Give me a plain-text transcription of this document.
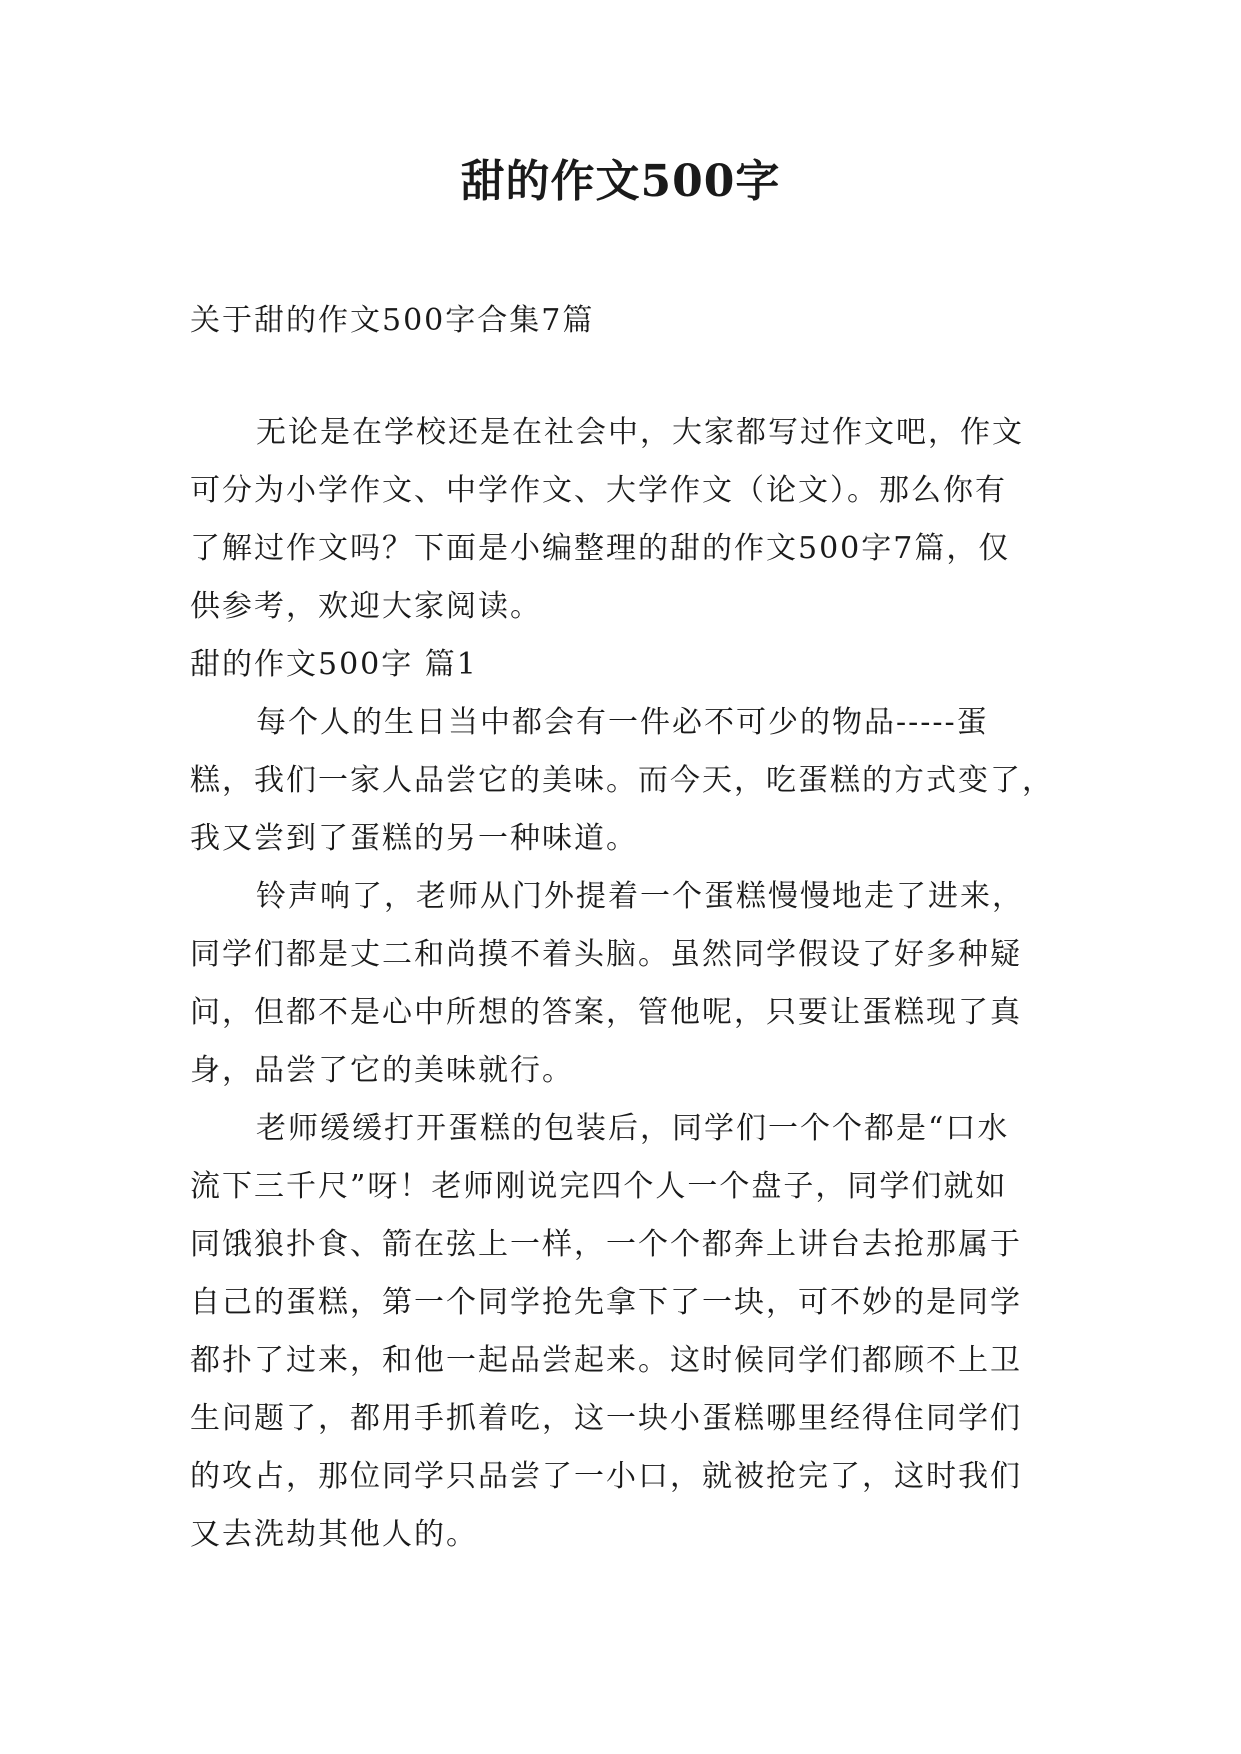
甜的作文500字
关于甜的作文500字合集7篇
无论是在学校还是在社会中，大家都写过作文吧，作文
可分为小学作文、中学作文、大学作文（论文）。那么你有
了解过作文吗？下面是小编整理的甜的作文500字7篇，仅
供参考，欢迎大家阅读。
甜的作文500字 篇1
每个人的生日当中都会有一件必不可少的物品-----蛋
糕，我们一家人品尝它的美味。而今天，吃蛋糕的方式变了，
我又尝到了蛋糕的另一种味道。
铃声响了，老师从门外提着一个蛋糕慢慢地走了进来，
同学们都是丈二和尚摸不着头脑。虽然同学假设了好多种疑
问，但都不是心中所想的答案，管他呢，只要让蛋糕现了真
身，品尝了它的美味就行。
老师缓缓打开蛋糕的包装后，同学们一个个都是“口水
流下三千尺”呀！老师刚说完四个人一个盘子，同学们就如
同饿狼扑食、箭在弦上一样，一个个都奔上讲台去抢那属于
自己的蛋糕，第一个同学抢先拿下了一块，可不妙的是同学
都扑了过来，和他一起品尝起来。这时候同学们都顾不上卫
生问题了，都用手抓着吃，这一块小蛋糕哪里经得住同学们
的攻占，那位同学只品尝了一小口，就被抢完了，这时我们
又去洗劫其他人的。
